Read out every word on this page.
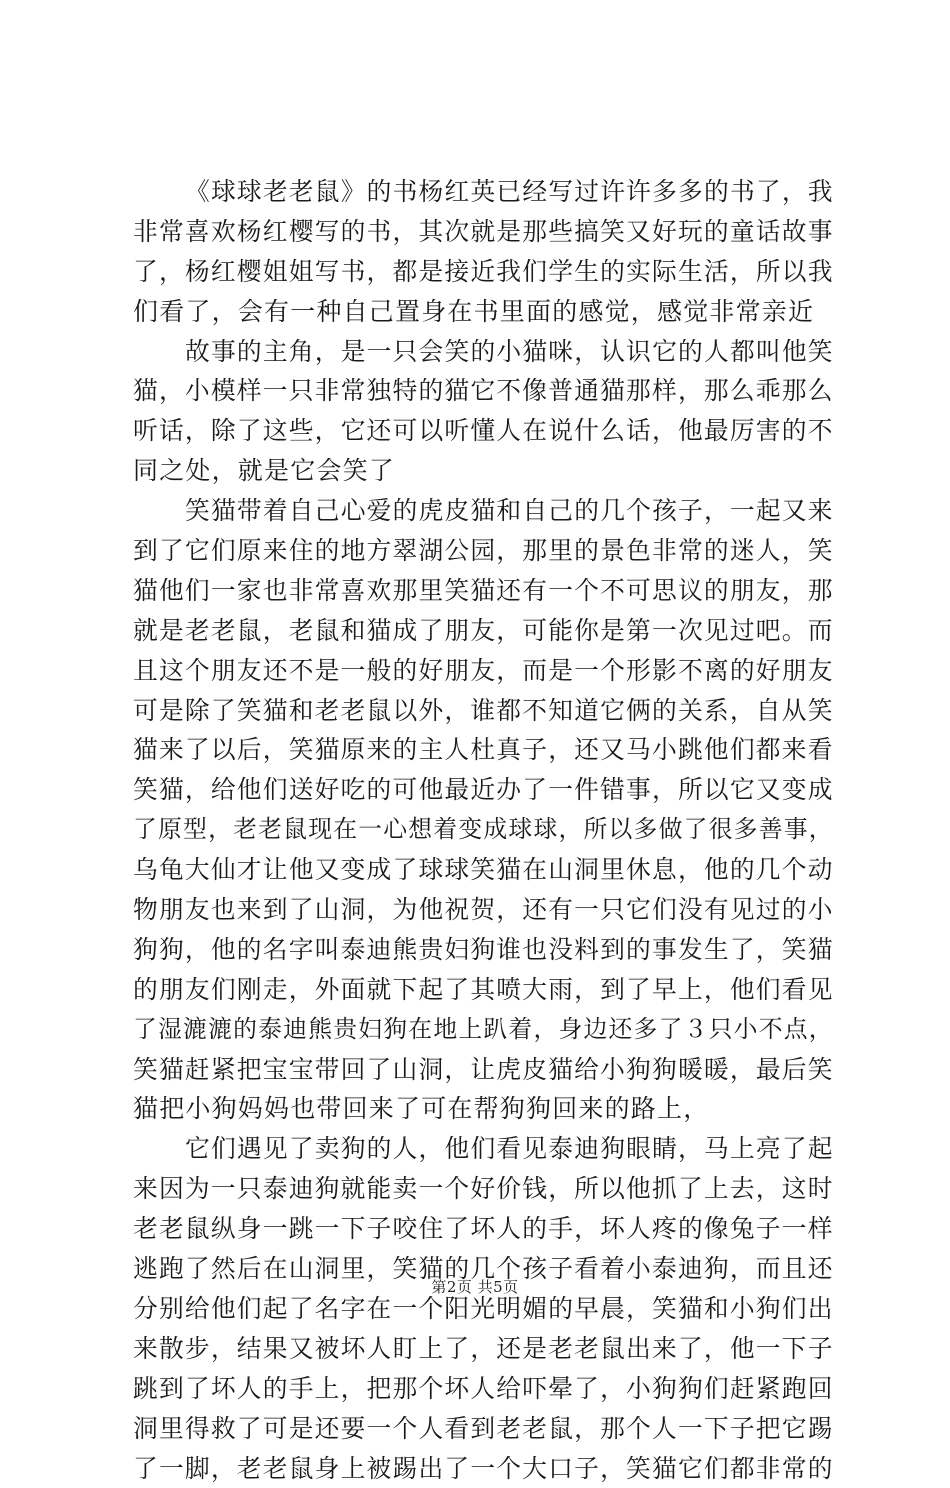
《球球老老鼠》的书杨红英已经写过许许多多的书了，我
非常喜欢杨红樱写的书，其次就是那些搞笑又好玩的童话故事
了，杨红樱姐姐写书，都是接近我们学生的实际生活，所以我
们看了，会有一种自己置身在书里面的感觉，感觉非常亲近
故事的主角，是一只会笑的小猫咪，认识它的人都叫他笑
猫，小模样一只非常独特的猫它不像普通猫那样，那么乖那么
听话，除了这些，它还可以听懂人在说什么话，他最厉害的不
同之处，就是它会笑了
笑猫带着自己心爱的虎皮猫和自己的几个孩子，一起又来
到了它们原来住的地方翠湖公园，那里的景色非常的迷人，笑
猫他们一家也非常喜欢那里笑猫还有一个不可思议的朋友，那
就是老老鼠，老鼠和猫成了朋友，可能你是第一次见过吧。而
且这个朋友还不是一般的好朋友，而是一个形影不离的好朋友
可是除了笑猫和老老鼠以外，谁都不知道它俩的关系，自从笑
猫来了以后，笑猫原来的主人杜真子，还又马小跳他们都来看
笑猫，给他们送好吃的可他最近办了一件错事，所以它又变成
了原型，老老鼠现在一心想着变成球球，所以多做了很多善事，
乌龟大仙才让他又变成了球球笑猫在山洞里休息，他的几个动
物朋友也来到了山洞，为他祝贺，还有一只它们没有见过的小
狗狗，他的名字叫泰迪熊贵妇狗谁也没料到的事发生了，笑猫
的朋友们刚走，外面就下起了其喷大雨，到了早上，他们看见
了湿漉漉的泰迪熊贵妇狗在地上趴着，身边还多了３只小不点，
笑猫赶紧把宝宝带回了山洞，让虎皮猫给小狗狗暖暖，最后笑
猫把小狗妈妈也带回来了可在帮狗狗回来的路上，
它们遇见了卖狗的人，他们看见泰迪狗眼睛，马上亮了起
来因为一只泰迪狗就能卖一个好价钱，所以他抓了上去，这时
老老鼠纵身一跳一下子咬住了坏人的手，坏人疼的像兔子一样
逃跑了然后在山洞里，笑猫的几个孩子看着小泰迪狗，而且还
分别给他们起了名字在一个阳光明媚的早晨，笑猫和小狗们出
来散步，结果又被坏人盯上了，还是老老鼠出来了，他一下子
跳到了坏人的手上，把那个坏人给吓晕了，小狗狗们赶紧跑回
洞里得救了可是还要一个人看到老老鼠，那个人一下子把它踢
了一脚，老老鼠身上被踢出了一个大口子，笑猫它们都非常的
第2页 共5页
